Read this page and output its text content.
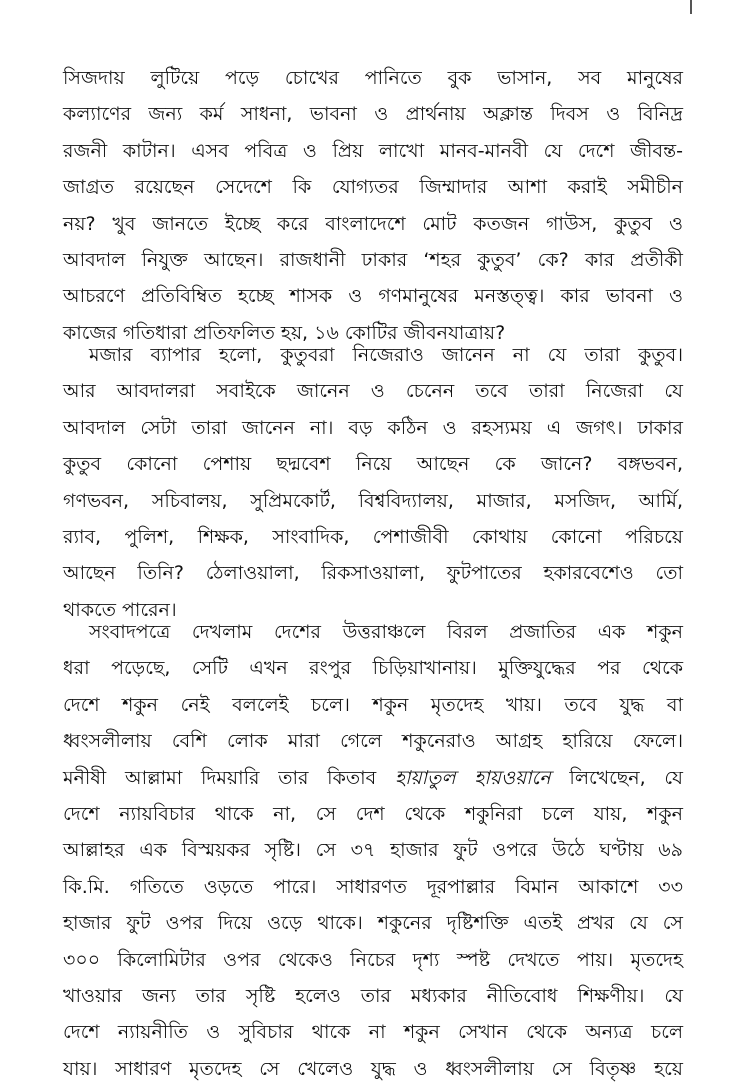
সিজদায় লুটিয়ে পড়ে চোখের পানিতে বুক ভাসান, সব মানুষের
কল্যাণের জন্য কর্ম সাধনা, ভাবনা ও প্রার্থনায় অক্লান্ত দিবস ও বিনিদ্র
রজনী কাটান। এসব পবিত্র ও প্রিয় লাখো মানব-মানবী যে দেশে জীবন্ত-
জাগ্রত রয়েছেন সেদেশে কি যোগ্যতর জিম্মাদার আশা করাই সমীচীন
নয়? খুব জানতে ইচ্ছে করে বাংলাদেশে মোট কতজন গাউস, কুতুব ও
আবদাল নিযুক্ত আছেন। রাজধানী ঢাকার ‘শহর কুতুব’ কে? কার প্রতীকী
আচরণে প্রতিবিম্বিত হচ্ছে শাসক ও গণমানুষের মনস্তত্ত্ব। কার ভাবনা ও
কাজের গতিধারা প্রতিফলিত হয়, ১৬ কোটির জীবনযাত্রায়?

মজার ব্যাপার হলো, কুতুবরা নিজেরাও জানেন না যে তারা কুতুব।
আর আবদালরা সবাইকে জানেন ও চেনেন তবে তারা নিজেরা যে
আবদাল সেটা তারা জানেন না। বড় কঠিন ও রহস্যময় এ জগৎ। ঢাকার
কুতুব কোনো পেশায় ছদ্মবেশ নিয়ে আছেন কে জানে? বঙ্গভবন,
গণভবন, সচিবালয়, সুপ্রিমকোর্ট, বিশ্ববিদ্যালয়, মাজার, মসজিদ, আর্মি,
র‍্যাব, পুলিশ, শিক্ষক, সাংবাদিক, পেশাজীবী কোথায় কোনো পরিচয়ে
আছেন তিনি? ঠেলাওয়ালা, রিকসাওয়ালা, ফুটপাতের হকারবেশেও তো
থাকতে পারেন।

সংবাদপত্রে দেখলাম দেশের উত্তরাঞ্চলে বিরল প্রজাতির এক শকুন
ধরা পড়েছে, সেটি এখন রংপুর চিড়িয়াখানায়। মুক্তিযুদ্ধের পর থেকে
দেশে শকুন নেই বললেই চলে। শকুন মৃতদেহ খায়। তবে যুদ্ধ বা
ধ্বংসলীলায় বেশি লোক মারা গেলে শকুনেরাও আগ্রহ হারিয়ে ফেলে।
মনীষী আল্লামা দিময়ারি তার কিতাব হায়াতুল হায়ওয়ানে লিখেছেন, যে
দেশে ন্যায়বিচার থাকে না, সে দেশ থেকে শকুনিরা চলে যায়, শকুন
আল্লাহর এক বিস্ময়কর সৃষ্টি। সে ৩৭ হাজার ফুট ওপরে উঠে ঘণ্টায় ৬৯
কি.মি. গতিতে ওড়তে পারে। সাধারণত দূরপাল্লার বিমান আকাশে ৩৩
হাজার ফুট ওপর দিয়ে ওড়ে থাকে। শকুনের দৃষ্টিশক্তি এতই প্রখর যে সে
৩০০ কিলোমিটার ওপর থেকেও নিচের দৃশ্য স্পষ্ট দেখতে পায়। মৃতদেহ
খাওয়ার জন্য তার সৃষ্টি হলেও তার মধ্যকার নীতিবোধ শিক্ষণীয়। যে
দেশে ন্যায়নীতি ও সুবিচার থাকে না শকুন সেখান থেকে অন্যত্র চলে
যায়। সাধারণ মৃতদেহ সে খেলেও যুদ্ধ ও ধ্বংসলীলায় সে বিতৃষ্ণ হয়ে
